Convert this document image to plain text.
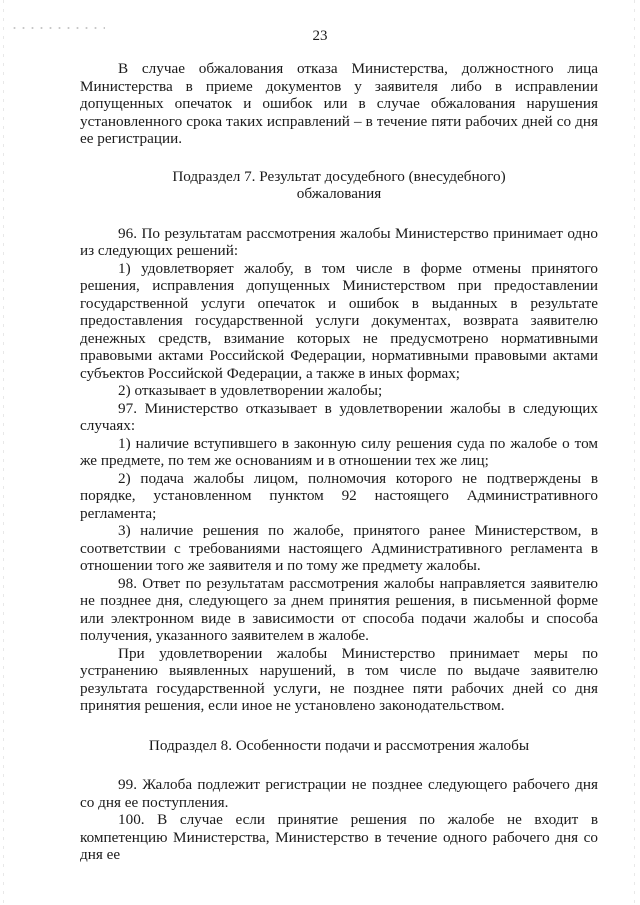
23

В случае обжалования отказа Министерства, должностного лица Министерства в приеме документов у заявителя либо в исправлении допущенных опечаток и ошибок или в случае обжалования нарушения установленного срока таких исправлений – в течение пяти рабочих дней со дня ее регистрации.

Подраздел 7. Результат досудебного (внесудебного)
обжалования

96. По результатам рассмотрения жалобы Министерство принимает одно из следующих решений:

1) удовлетворяет жалобу, в том числе в форме отмены принятого решения, исправления допущенных Министерством при предоставлении государственной услуги опечаток и ошибок в выданных в результате предоставления государственной услуги документах, возврата заявителю денежных средств, взимание которых не предусмотрено нормативными правовыми актами Российской Федерации, нормативными правовыми актами субъектов Российской Федерации, а также в иных формах;

2) отказывает в удовлетворении жалобы;

97. Министерство отказывает в удовлетворении жалобы в следующих случаях:

1) наличие вступившего в законную силу решения суда по жалобе о том же предмете, по тем же основаниям и в отношении тех же лиц;

2) подача жалобы лицом, полномочия которого не подтверждены в порядке, установленном пунктом 92 настоящего Административного регламента;

3) наличие решения по жалобе, принятого ранее Министерством, в соответствии с требованиями настоящего Административного регламента в отношении того же заявителя и по тому же предмету жалобы.

98. Ответ по результатам рассмотрения жалобы направляется заявителю не позднее дня, следующего за днем принятия решения, в письменной форме или электронном виде в зависимости от способа подачи жалобы и способа получения, указанного заявителем в жалобе.

При удовлетворении жалобы Министерство принимает меры по устранению выявленных нарушений, в том числе по выдаче заявителю результата государственной услуги, не позднее пяти рабочих дней со дня принятия решения, если иное не установлено законодательством.

Подраздел 8. Особенности подачи и рассмотрения жалобы

99. Жалоба подлежит регистрации не позднее следующего рабочего дня со дня ее поступления.

100. В случае если принятие решения по жалобе не входит в компетенцию Министерства, Министерство в течение одного рабочего дня со дня ее
